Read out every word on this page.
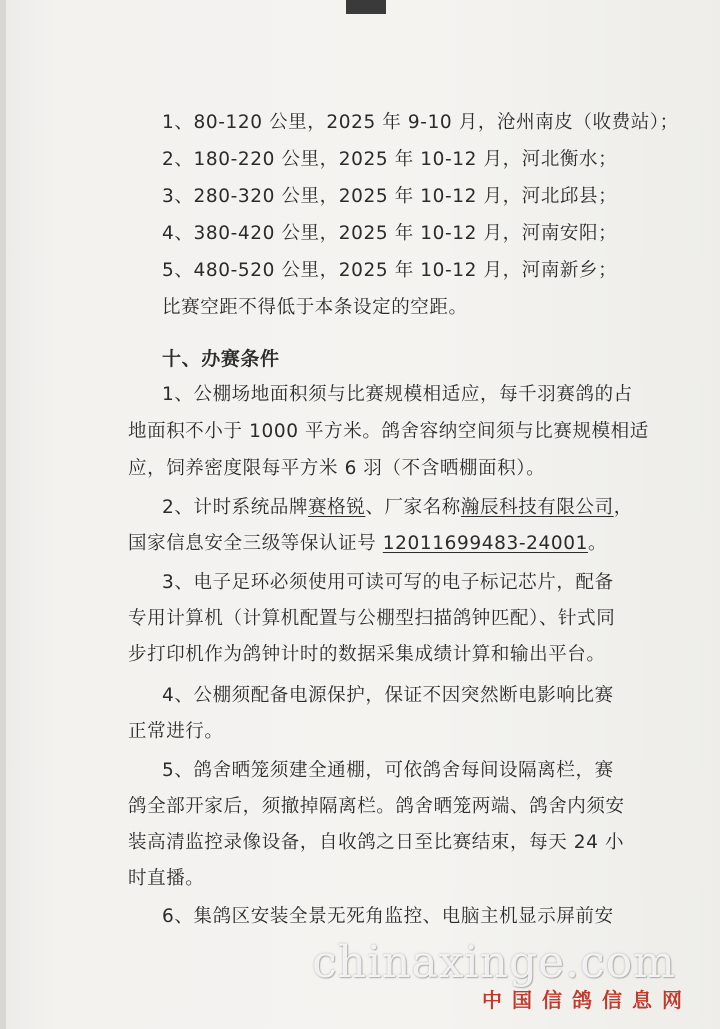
1、80-120 公里，2025 年 9-10 月，沧州南皮（收费站）；
2、180-220 公里，2025 年 10-12 月，河北衡水；
3、280-320 公里，2025 年 10-12 月，河北邱县；
4、380-420 公里，2025 年 10-12 月，河南安阳；
5、480-520 公里，2025 年 10-12 月，河南新乡；
比赛空距不得低于本条设定的空距。
十、办赛条件
1、公棚场地面积须与比赛规模相适应，每千羽赛鸽的占
地面积不小于 1000 平方米。鸽舍容纳空间须与比赛规模相适
应，饲养密度限每平方米 6 羽（不含晒棚面积）。
2、计时系统品牌赛格锐、厂家名称瀚辰科技有限公司，
国家信息安全三级等保认证号 12011699483-24001。
3、电子足环必须使用可读可写的电子标记芯片，配备
专用计算机（计算机配置与公棚型扫描鸽钟匹配）、针式同
步打印机作为鸽钟计时的数据采集成绩计算和输出平台。
4、公棚须配备电源保护，保证不因突然断电影响比赛
正常进行。
5、鸽舍晒笼须建全通棚，可依鸽舍每间设隔离栏，赛
鸽全部开家后，须撤掉隔离栏。鸽舍晒笼两端、鸽舍内须安
装高清监控录像设备，自收鸽之日至比赛结束，每天 24 小
时直播。
6、集鸽区安装全景无死角监控、电脑主机显示屏前安
chinaxinge.com
中国信鸽信息网
